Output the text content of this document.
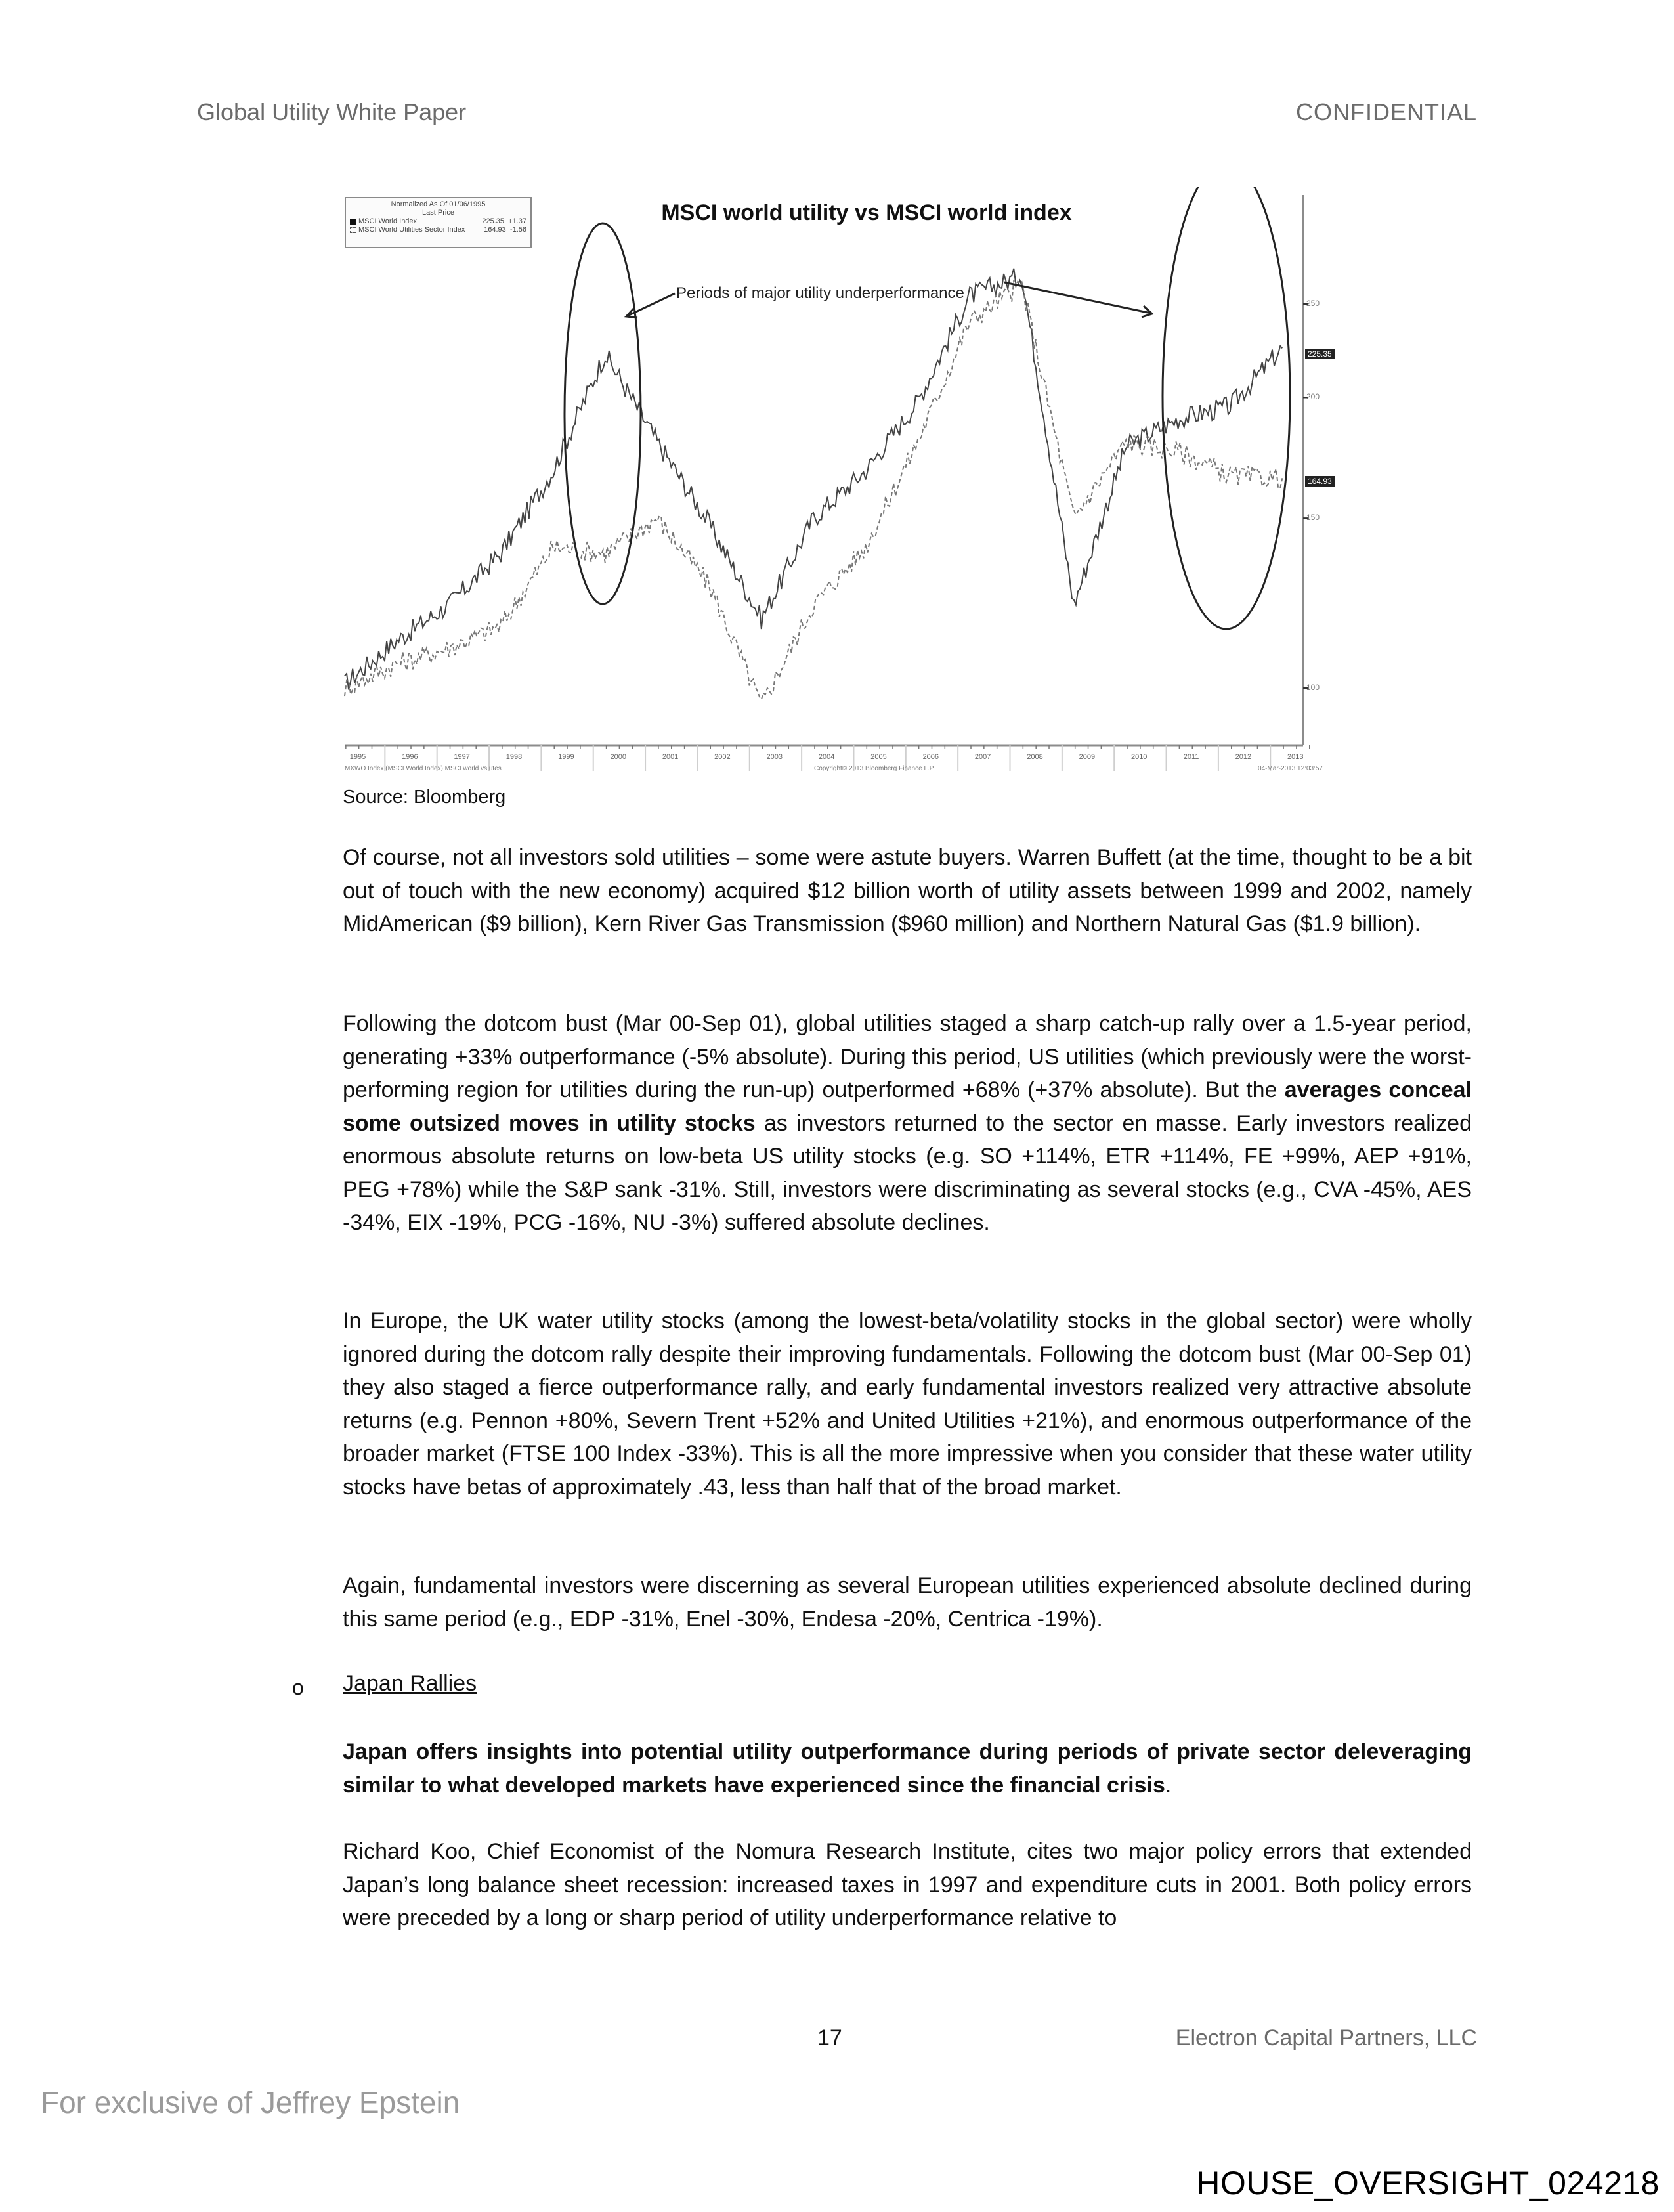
Global Utility White Paper	CONFIDENTIAL
Normalized As Of 01/06/1995
Last Price
MSCI World Index	225.35 +1.37
MSCI World Utilities Sector Index	164.93 -1.56
MSCI world utility vs MSCI world index
Periods of major utility underperformance
100
150
200
250
225.35
164.93
1995	1996	1997	1998	1999	2000	2001	2002	2003	2004	2005	2006	2007	2008	2009	2010	2011	2012	2013
MXWO Index (MSCI World Index) MSCI world vs utes	Copyright© 2013 Bloomberg Finance L.P.	04-Mar-2013 12:03:57
Source: Bloomberg

Of course, not all investors sold utilities – some were astute buyers. Warren Buffett (at the time, thought to be a bit out of touch with the new economy) acquired $12 billion worth of utility assets between 1999 and 2002, namely MidAmerican ($9 billion), Kern River Gas Transmission ($960 million) and Northern Natural Gas ($1.9 billion).

Following the dotcom bust (Mar 00-Sep 01), global utilities staged a sharp catch-up rally over a 1.5-year period, generating +33% outperformance (-5% absolute). During this period, US utilities (which previously were the worst-performing region for utilities during the run-up) outperformed +68% (+37% absolute). But the averages conceal some outsized moves in utility stocks as investors returned to the sector en masse. Early investors realized enormous absolute returns on low-beta US utility stocks (e.g. SO +114%, ETR +114%, FE +99%, AEP +91%, PEG +78%) while the S&P sank -31%. Still, investors were discriminating as several stocks (e.g., CVA -45%, AES -34%, EIX -19%, PCG -16%, NU -3%) suffered absolute declines.

In Europe, the UK water utility stocks (among the lowest-beta/volatility stocks in the global sector) were wholly ignored during the dotcom rally despite their improving fundamentals. Following the dotcom bust (Mar 00-Sep 01) they also staged a fierce outperformance rally, and early fundamental investors realized very attractive absolute returns (e.g. Pennon +80%, Severn Trent +52% and United Utilities +21%), and enormous outperformance of the broader market (FTSE 100 Index -33%). This is all the more impressive when you consider that these water utility stocks have betas of approximately .43, less than half that of the broad market.

Again, fundamental investors were discerning as several European utilities experienced absolute declined during this same period (e.g., EDP -31%, Enel -30%, Endesa -20%, Centrica -19%).

o Japan Rallies

Japan offers insights into potential utility outperformance during periods of private sector deleveraging similar to what developed markets have experienced since the financial crisis.

Richard Koo, Chief Economist of the Nomura Research Institute, cites two major policy errors that extended Japan’s long balance sheet recession: increased taxes in 1997 and expenditure cuts in 2001. Both policy errors were preceded by a long or sharp period of utility underperformance relative to

17	Electron Capital Partners, LLC
For exclusive of Jeffrey Epstein
HOUSE_OVERSIGHT_024218
